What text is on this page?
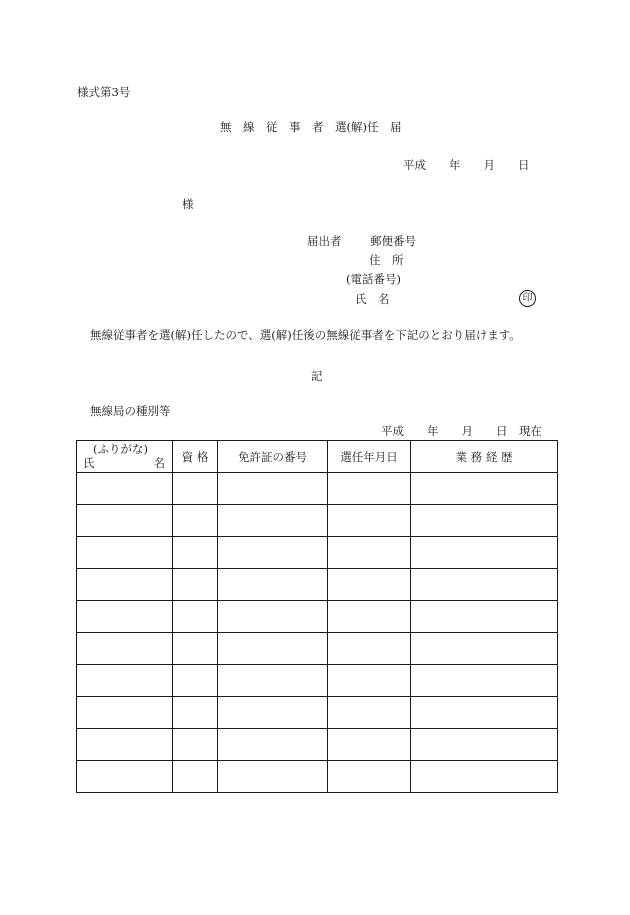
様式第3号
無　線　従　事　者　選(解)任　届
平成　　年　　月　　日
様
届出者 郵便番号
住　所
(電話番号)
氏　名	印
無線従事者を選(解)任したので、選(解)任後の無線従事者を下記のとおり届けます。
記
無線局の種別等
平成　　年　　月　　日　現在
(ふりがな)
氏 名	資 格	免許証の番号	選任年月日	業 務 経 歴
